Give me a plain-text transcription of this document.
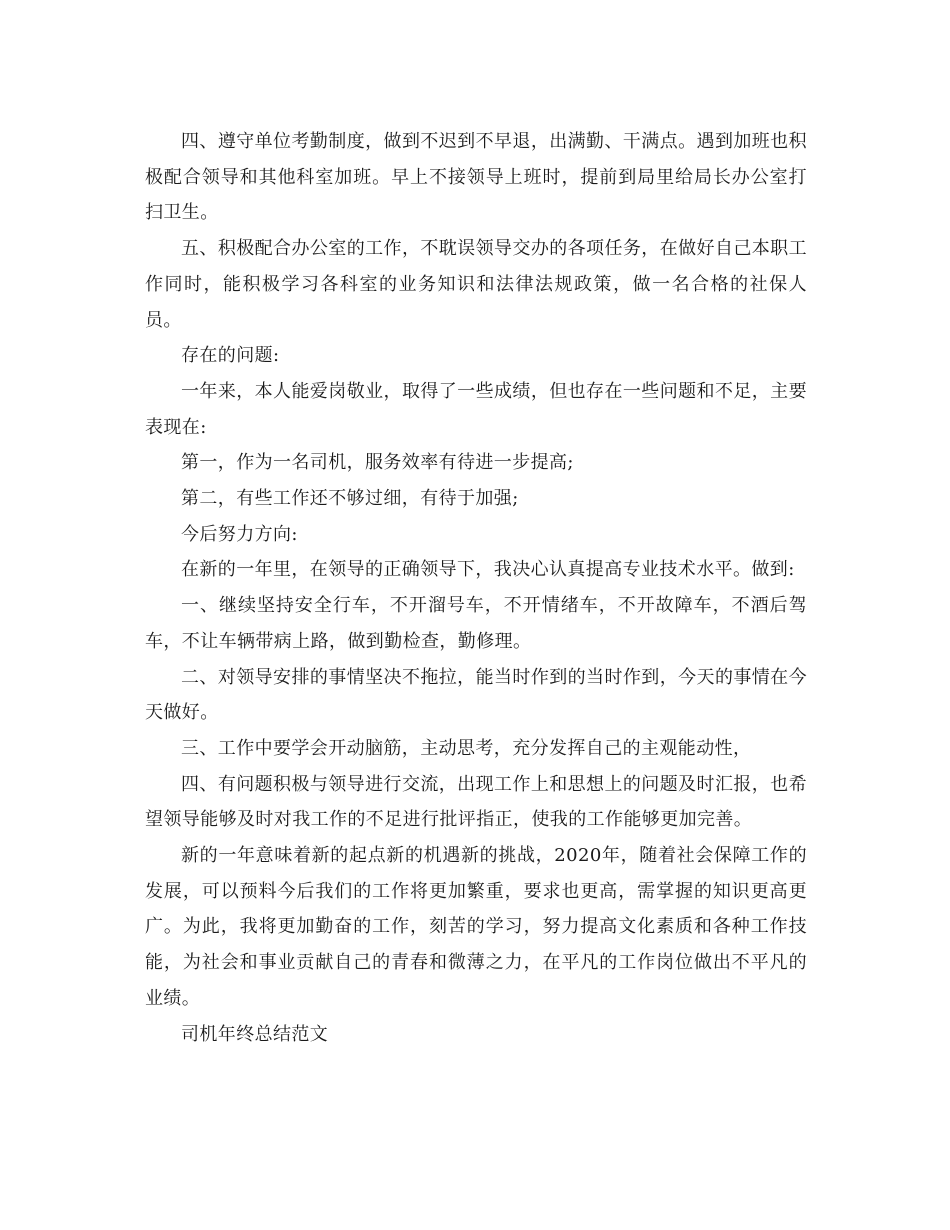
四、遵守单位考勤制度，做到不迟到不早退，出满勤、干满点。遇到加班也积极配合领导和其他科室加班。早上不接领导上班时，提前到局里给局长办公室打扫卫生。

五、积极配合办公室的工作，不耽误领导交办的各项任务，在做好自己本职工作同时，能积极学习各科室的业务知识和法律法规政策，做一名合格的社保人员。

存在的问题:

一年来，本人能爱岗敬业，取得了一些成绩，但也存在一些问题和不足，主要表现在:

第一，作为一名司机，服务效率有待进一步提高;

第二，有些工作还不够过细，有待于加强;

今后努力方向:

在新的一年里，在领导的正确领导下，我决心认真提高专业技术水平。做到:

一、继续坚持安全行车，不开溜号车，不开情绪车，不开故障车，不酒后驾车，不让车辆带病上路，做到勤检查，勤修理。

二、对领导安排的事情坚决不拖拉，能当时作到的当时作到，今天的事情在今天做好。

三、工作中要学会开动脑筋，主动思考，充分发挥自己的主观能动性，

四、有问题积极与领导进行交流，出现工作上和思想上的问题及时汇报，也希望领导能够及时对我工作的不足进行批评指正，使我的工作能够更加完善。

新的一年意味着新的起点新的机遇新的挑战，2020年，随着社会保障工作的发展，可以预料今后我们的工作将更加繁重，要求也更高，需掌握的知识更高更广。为此，我将更加勤奋的工作，刻苦的学习，努力提高文化素质和各种工作技能，为社会和事业贡献自己的青春和微薄之力，在平凡的工作岗位做出不平凡的业绩。

司机年终总结范文
